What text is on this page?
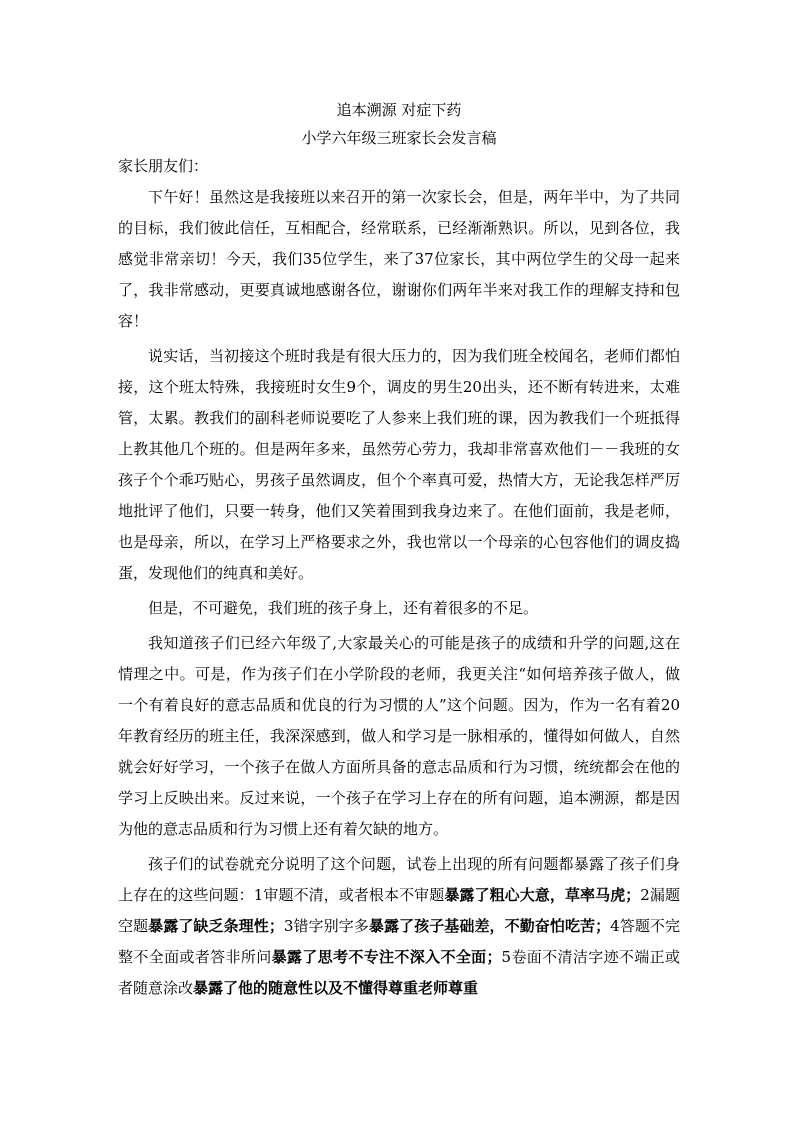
追本溯源 对症下药
小学六年级三班家长会发言稿
家长朋友们：

下午好！虽然这是我接班以来召开的第一次家长会，但是，两年半中，为了共同的目标，我们彼此信任，互相配合，经常联系，已经渐渐熟识。所以，见到各位，我感觉非常亲切！今天，我们35位学生，来了37位家长，其中两位学生的父母一起来了，我非常感动，更要真诚地感谢各位，谢谢你们两年半来对我工作的理解支持和包容！

说实话，当初接这个班时我是有很大压力的，因为我们班全校闻名，老师们都怕接，这个班太特殊，我接班时女生9个，调皮的男生20出头，还不断有转进来，太难管，太累。教我们的副科老师说要吃了人参来上我们班的课，因为教我们一个班抵得上教其他几个班的。但是两年多来，虽然劳心劳力，我却非常喜欢他们－－我班的女孩子个个乖巧贴心，男孩子虽然调皮，但个个率真可爱，热情大方，无论我怎样严厉地批评了他们，只要一转身，他们又笑着围到我身边来了。在他们面前，我是老师，也是母亲，所以，在学习上严格要求之外，我也常以一个母亲的心包容他们的调皮捣蛋，发现他们的纯真和美好。

但是，不可避免，我们班的孩子身上，还有着很多的不足。

我知道孩子们已经六年级了,大家最关心的可能是孩子的成绩和升学的问题,这在情理之中。可是，作为孩子们在小学阶段的老师，我更关注“如何培养孩子做人，做一个有着良好的意志品质和优良的行为习惯的人”这个问题。因为，作为一名有着20年教育经历的班主任，我深深感到，做人和学习是一脉相承的，懂得如何做人，自然就会好好学习，一个孩子在做人方面所具备的意志品质和行为习惯，统统都会在他的学习上反映出来。反过来说，一个孩子在学习上存在的所有问题，追本溯源，都是因为他的意志品质和行为习惯上还有着欠缺的地方。

孩子们的试卷就充分说明了这个问题，试卷上出现的所有问题都暴露了孩子们身上存在的这些问题：1审题不清，或者根本不审题暴露了粗心大意，草率马虎；2漏题空题暴露了缺乏条理性；3错字别字多暴露了孩子基础差，不勤奋怕吃苦；4答题不完整不全面或者答非所问暴露了思考不专注不深入不全面；5卷面不清洁字迹不端正或者随意涂改暴露了他的随意性以及不懂得尊重老师尊重
